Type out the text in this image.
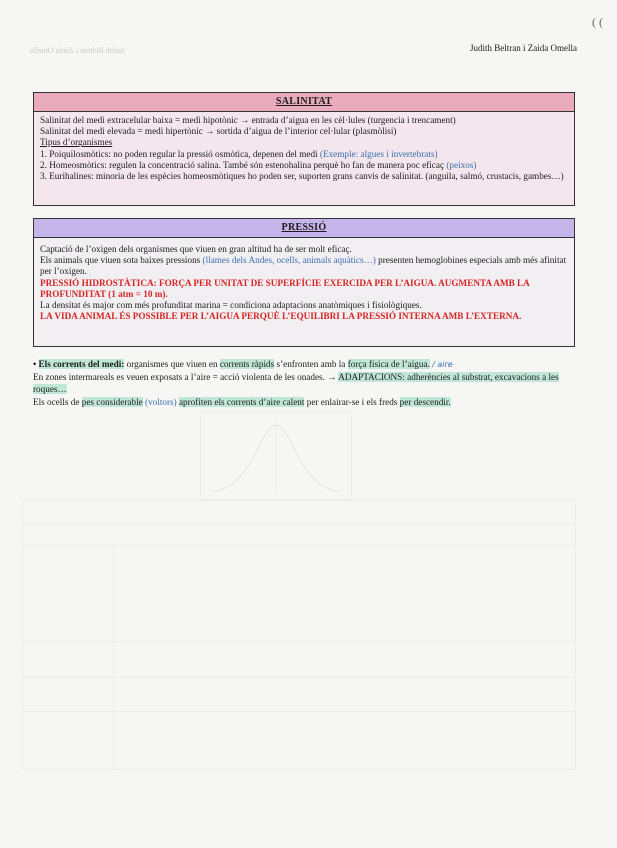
Judith Beltran i Zaida Omella	Judith Beltran i Zaida Omella
( (
SALINITAT
Salinitat del medi extracelular baixa = medi hipotònic → entrada d’aigua en les cèl·lules (turgencia i trencament)
Salinitat del medi elevada = medi hipertònic → sortida d’aigua de l’interior cel·lular (plasmòlisi)
Tipus d’organismes
1. Poiquilosmòtics: no poden regular la pressió osmòtica, depenen del medi (Exemple: algues i invertebrats)
2. Homeosmòtics: regulen la concentració salina. També són estenohalina perquè ho fan de manera poc eficaç (peixos)
3. Eurihalines: minoria de les espècies homeosmòtiques ho poden ser, suporten grans canvis de salinitat. (anguila, salmó, crustacis, gambes…)
PRESSIÓ
Captació de l’oxigen dels organismes que viuen en gran altitud ha de ser molt eficaç.
Els animals que viuen sota baixes pressions (llames dels Andes, ocells, animals aquàtics…) presenten hemoglobines especials amb més afinitat per l’oxigen.
PRESSIÓ HIDROSTÀTICA: FORÇA PER UNITAT DE SUPERFÍCIE EXERCIDA PER L’AIGUA. AUGMENTA AMB LA PROFUNDITAT (1 atm = 10 m).
La densitat és major com més profunditat marina = condiciona adaptacions anatòmiques i fisiològiques.
LA VIDA ANIMAL ÉS POSSIBLE PER L’AIGUA PERQUÈ L’EQUILIBRI LA PRESSIÓ INTERNA AMB L’EXTERNA.
• Els corrents del medi: organismes que viuen en corrents ràpids s’enfronten amb la força física de l’aigua. / aire
En zones intermareals es veuen exposats a l’aire = acció violenta de les onades. → ADAPTACIONS: adherències al substrat, excavacions a les roques…
Els ocells de pes considerable (voltors) aprofiten els corrents d’aire calent per enlairar-se i els freds per descendir.
